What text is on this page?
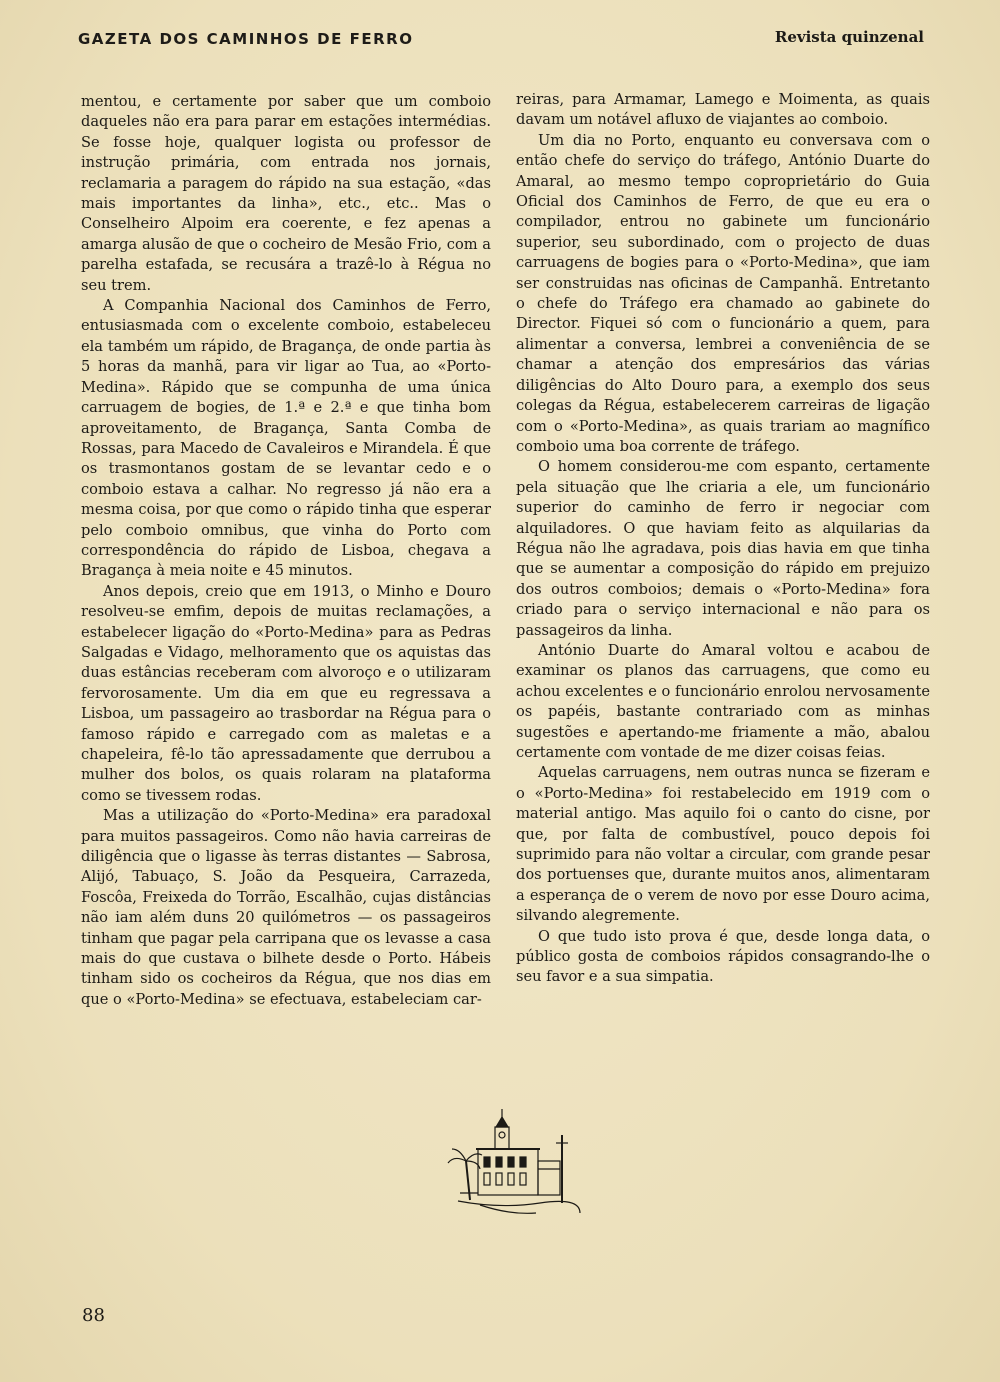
GAZETA DOS CAMINHOS DE FERRO	Revista quinzenal

mentou, e certamente por saber que um comboio daqueles não era para parar em estações intermédias. Se fosse hoje, qualquer logista ou professor de instrução primária, com entrada nos jornais, reclamaria a paragem do rápido na sua estação, «das mais importantes da linha», etc., etc.. Mas o Conselheiro Alpoim era coerente, e fez apenas a amarga alusão de que o cocheiro de Mesão Frio, com a parelha estafada, se recusára a trazê-lo à Régua no seu trem.

A Companhia Nacional dos Caminhos de Ferro, entusiasmada com o excelente comboio, estabeleceu ela também um rápido, de Bragança, de onde partia às 5 horas da manhã, para vir ligar ao Tua, ao «Porto-Medina». Rápido que se compunha de uma única carruagem de bogies, de 1.ª e 2.ª e que tinha bom aproveitamento, de Bragança, Santa Comba de Rossas, para Macedo de Cavaleiros e Mirandela. É que os trasmontanos gostam de se levantar cedo e o comboio estava a calhar. No regresso já não era a mesma coisa, por que como o rápido tinha que esperar pelo comboio omnibus, que vinha do Porto com correspondência do rápido de Lisboa, chegava a Bragança à meia noite e 45 minutos.

Anos depois, creio que em 1913, o Minho e Douro resolveu-se emfim, depois de muitas reclamações, a estabelecer ligação do «Porto-Medina» para as Pedras Salgadas e Vidago, melhoramento que os aquistas das duas estâncias receberam com alvoroço e o utilizaram fervorosamente. Um dia em que eu regressava a Lisboa, um passageiro ao trasbordar na Régua para o famoso rápido e carregado com as maletas e a chapeleira, fê-lo tão apressadamente que derrubou a mulher dos bolos, os quais rolaram na plataforma como se tivessem rodas.

Mas a utilização do «Porto-Medina» era paradoxal para muitos passageiros. Como não havia carreiras de diligência que o ligasse às terras distantes — Sabrosa, Alijó, Tabuaço, S. João da Pesqueira, Carrazeda, Foscôa, Freixeda do Torrão, Escalhão, cujas distâncias não iam além duns 20 quilómetros — os passageiros tinham que pagar pela carripana que os levasse a casa mais do que custava o bilhete desde o Porto. Hábeis tinham sido os cocheiros da Régua, que nos dias em que o «Porto-Medina» se efectuava, estabeleciam car-

reiras, para Armamar, Lamego e Moimenta, as quais davam um notável afluxo de viajantes ao comboio.

Um dia no Porto, enquanto eu conversava com o então chefe do serviço do tráfego, António Duarte do Amaral, ao mesmo tempo coproprietário do Guia Oficial dos Caminhos de Ferro, de que eu era o compilador, entrou no gabinete um funcionário superior, seu subordinado, com o projecto de duas carruagens de bogies para o «Porto-Medina», que iam ser construidas nas oficinas de Campanhã. Entretanto o chefe do Tráfego era chamado ao gabinete do Director. Fiquei só com o funcionário a quem, para alimentar a conversa, lembrei a conveniência de se chamar a atenção dos empresários das várias diligências do Alto Douro para, a exemplo dos seus colegas da Régua, estabelecerem carreiras de ligação com o «Porto-Medina», as quais trariam ao magnífico comboio uma boa corrente de tráfego.

O homem considerou-me com espanto, certamente pela situação que lhe criaria a ele, um funcionário superior do caminho de ferro ir negociar com alquiladores. O que haviam feito as alquilarias da Régua não lhe agradava, pois dias havia em que tinha que se aumentar a composição do rápido em prejuizo dos outros comboios; demais o «Porto-Medina» fora criado para o serviço internacional e não para os passageiros da linha.

António Duarte do Amaral voltou e acabou de examinar os planos das carruagens, que como eu achou excelentes e o funcionário enrolou nervosamente os papéis, bastante contrariado com as minhas sugestões e apertando-me friamente a mão, abalou certamente com vontade de me dizer coisas feias.

Aquelas carruagens, nem outras nunca se fizeram e o «Porto-Medina» foi restabelecido em 1919 com o material antigo. Mas aquilo foi o canto do cisne, por que, por falta de combustível, pouco depois foi suprimido para não voltar a circular, com grande pesar dos portuenses que, durante muitos anos, alimentaram a esperança de o verem de novo por esse Douro acima, silvando alegremente.

O que tudo isto prova é que, desde longa data, o público gosta de comboios rápidos consagrando-lhe o seu favor e a sua simpatia.

88
